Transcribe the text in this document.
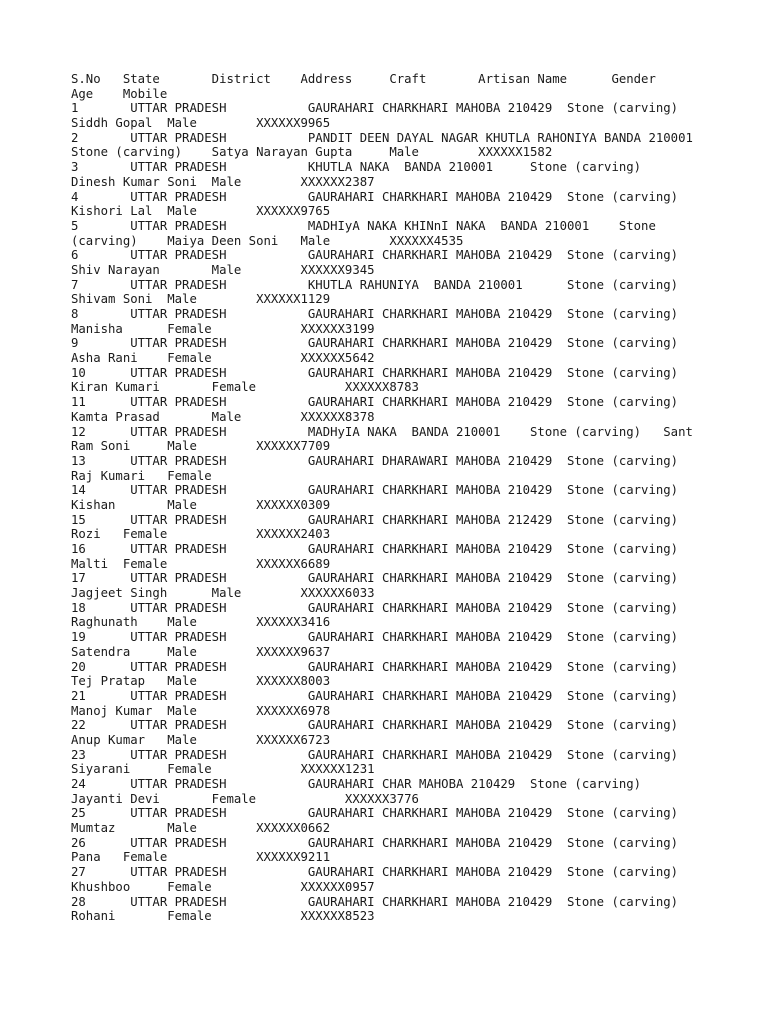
S.No   State       District    Address     Craft       Artisan Name      Gender
Age    Mobile
1       UTTAR PRADESH           GAURAHARI CHARKHARI MAHOBA 210429  Stone (carving)
Siddh Gopal  Male        XXXXXX9965
2       UTTAR PRADESH           PANDIT DEEN DAYAL NAGAR KHUTLA RAHONIYA BANDA 210001
Stone (carving)    Satya Narayan Gupta     Male        XXXXXX1582
3       UTTAR PRADESH           KHUTLA NAKA  BANDA 210001     Stone (carving)
Dinesh Kumar Soni  Male        XXXXXX2387
4       UTTAR PRADESH           GAURAHARI CHARKHARI MAHOBA 210429  Stone (carving)
Kishori Lal  Male        XXXXXX9765
5       UTTAR PRADESH           MADHIyA NAKA KHINnI NAKA  BANDA 210001    Stone
(carving)    Maiya Deen Soni   Male        XXXXXX4535
6       UTTAR PRADESH           GAURAHARI CHARKHARI MAHOBA 210429  Stone (carving)
Shiv Narayan       Male        XXXXXX9345
7       UTTAR PRADESH           KHUTLA RAHUNIYA  BANDA 210001      Stone (carving)
Shivam Soni  Male        XXXXXX1129
8       UTTAR PRADESH           GAURAHARI CHARKHARI MAHOBA 210429  Stone (carving)
Manisha      Female            XXXXXX3199
9       UTTAR PRADESH           GAURAHARI CHARKHARI MAHOBA 210429  Stone (carving)
Asha Rani    Female            XXXXXX5642
10      UTTAR PRADESH           GAURAHARI CHARKHARI MAHOBA 210429  Stone (carving)
Kiran Kumari       Female            XXXXXX8783
11      UTTAR PRADESH           GAURAHARI CHARKHARI MAHOBA 210429  Stone (carving)
Kamta Prasad       Male        XXXXXX8378
12      UTTAR PRADESH           MADHyIA NAKA  BANDA 210001    Stone (carving)   Sant
Ram Soni     Male        XXXXXX7709
13      UTTAR PRADESH           GAURAHARI DHARAWARI MAHOBA 210429  Stone (carving)
Raj Kumari   Female
14      UTTAR PRADESH           GAURAHARI CHARKHARI MAHOBA 210429  Stone (carving)
Kishan       Male        XXXXXX0309
15      UTTAR PRADESH           GAURAHARI CHARKHARI MAHOBA 212429  Stone (carving)
Rozi   Female            XXXXXX2403
16      UTTAR PRADESH           GAURAHARI CHARKHARI MAHOBA 210429  Stone (carving)
Malti  Female            XXXXXX6689
17      UTTAR PRADESH           GAURAHARI CHARKHARI MAHOBA 210429  Stone (carving)
Jagjeet Singh      Male        XXXXXX6033
18      UTTAR PRADESH           GAURAHARI CHARKHARI MAHOBA 210429  Stone (carving)
Raghunath    Male        XXXXXX3416
19      UTTAR PRADESH           GAURAHARI CHARKHARI MAHOBA 210429  Stone (carving)
Satendra     Male        XXXXXX9637
20      UTTAR PRADESH           GAURAHARI CHARKHARI MAHOBA 210429  Stone (carving)
Tej Pratap   Male        XXXXXX8003
21      UTTAR PRADESH           GAURAHARI CHARKHARI MAHOBA 210429  Stone (carving)
Manoj Kumar  Male        XXXXXX6978
22      UTTAR PRADESH           GAURAHARI CHARKHARI MAHOBA 210429  Stone (carving)
Anup Kumar   Male        XXXXXX6723
23      UTTAR PRADESH           GAURAHARI CHARKHARI MAHOBA 210429  Stone (carving)
Siyarani     Female            XXXXXX1231
24      UTTAR PRADESH           GAURAHARI CHAR MAHOBA 210429  Stone (carving)
Jayanti Devi       Female            XXXXXX3776
25      UTTAR PRADESH           GAURAHARI CHARKHARI MAHOBA 210429  Stone (carving)
Mumtaz       Male        XXXXXX0662
26      UTTAR PRADESH           GAURAHARI CHARKHARI MAHOBA 210429  Stone (carving)
Pana   Female            XXXXXX9211
27      UTTAR PRADESH           GAURAHARI CHARKHARI MAHOBA 210429  Stone (carving)
Khushboo     Female            XXXXXX0957
28      UTTAR PRADESH           GAURAHARI CHARKHARI MAHOBA 210429  Stone (carving)
Rohani       Female            XXXXXX8523
